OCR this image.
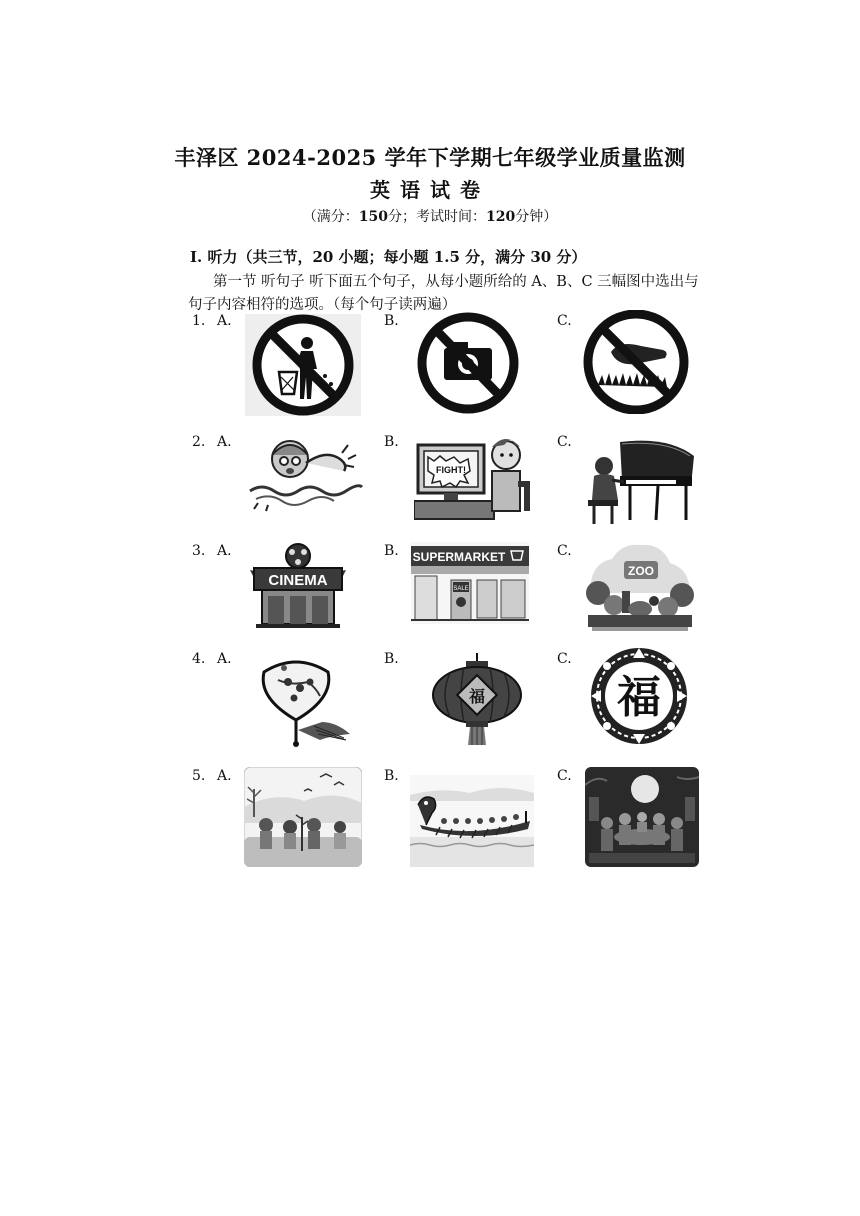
丰泽区 2024-2025 学年下学期七年级学业质量监测
英语试卷
（满分：150分；考试时间：120分钟）
Ⅰ. 听力（共三节，20 小题；每小题 1.5 分，满分 30 分）
第一节 听句子 听下面五个句子，从每小题所给的 A、B、C 三幅图中选出与
句子内容相符的选项。（每个句子读两遍）
1. A.	B.	C.
2. A.	B.	C.
3. A.	B.	C.
4. A.	B.	C.
5. A.	B.	C.
FIGHT!
CINEMA
SUPERMARKET
SALE
ZOO
福	福
